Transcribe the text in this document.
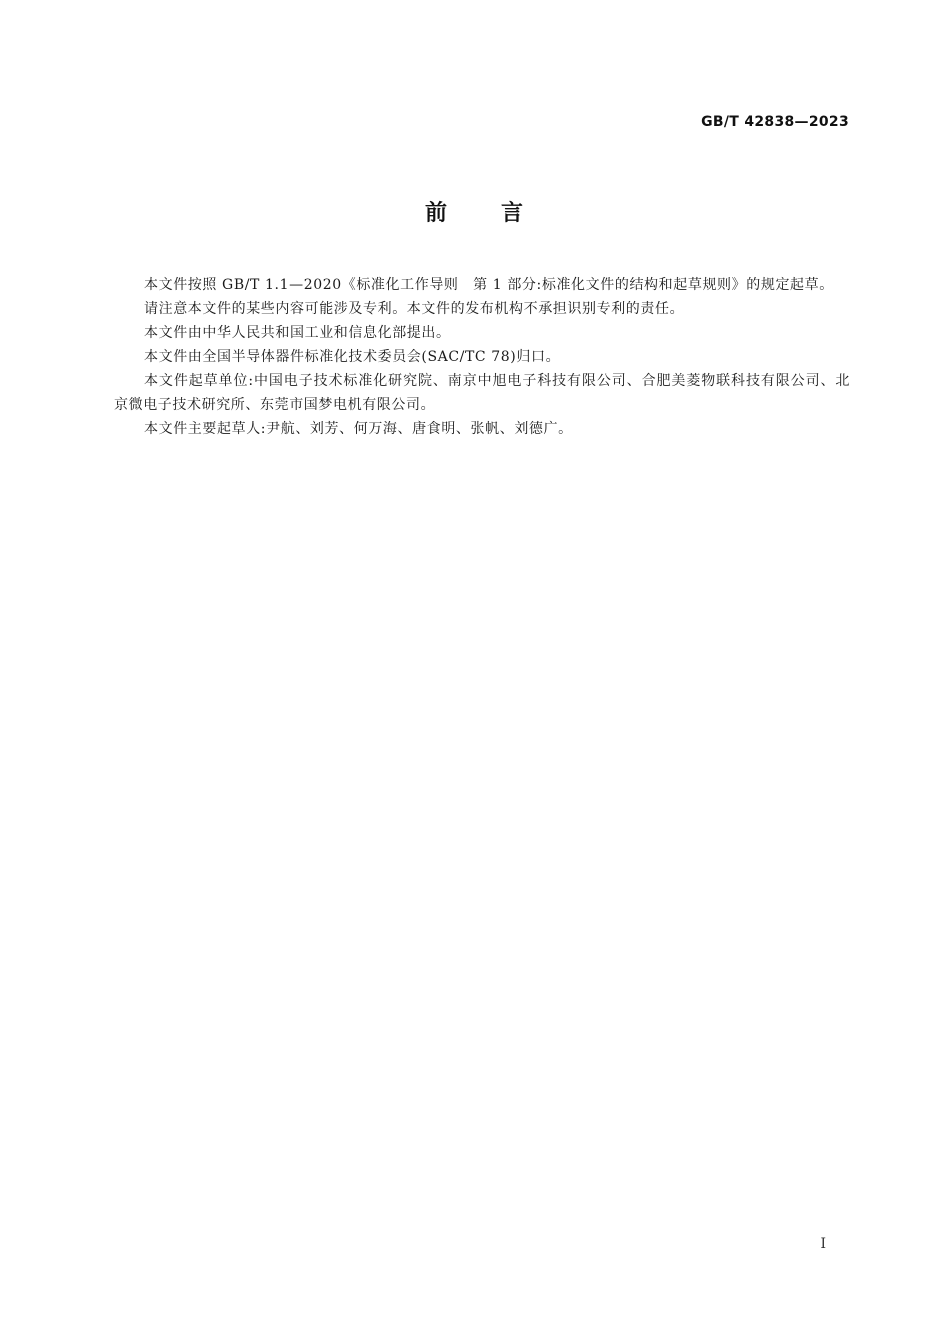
GB/T 42838—2023
前 言

本文件按照 GB/T 1.1—2020《标准化工作导则　第 1 部分:标准化文件的结构和起草规则》的规定起草。

请注意本文件的某些内容可能涉及专利。本文件的发布机构不承担识别专利的责任。

本文件由中华人民共和国工业和信息化部提出。

本文件由全国半导体器件标准化技术委员会(SAC/TC 78)归口。

本文件起草单位:中国电子技术标准化研究院、南京中旭电子科技有限公司、合肥美菱物联科技有限公司、北京微电子技术研究所、东莞市国梦电机有限公司。

本文件主要起草人:尹航、刘芳、何万海、唐食明、张帆、刘德广。

I
